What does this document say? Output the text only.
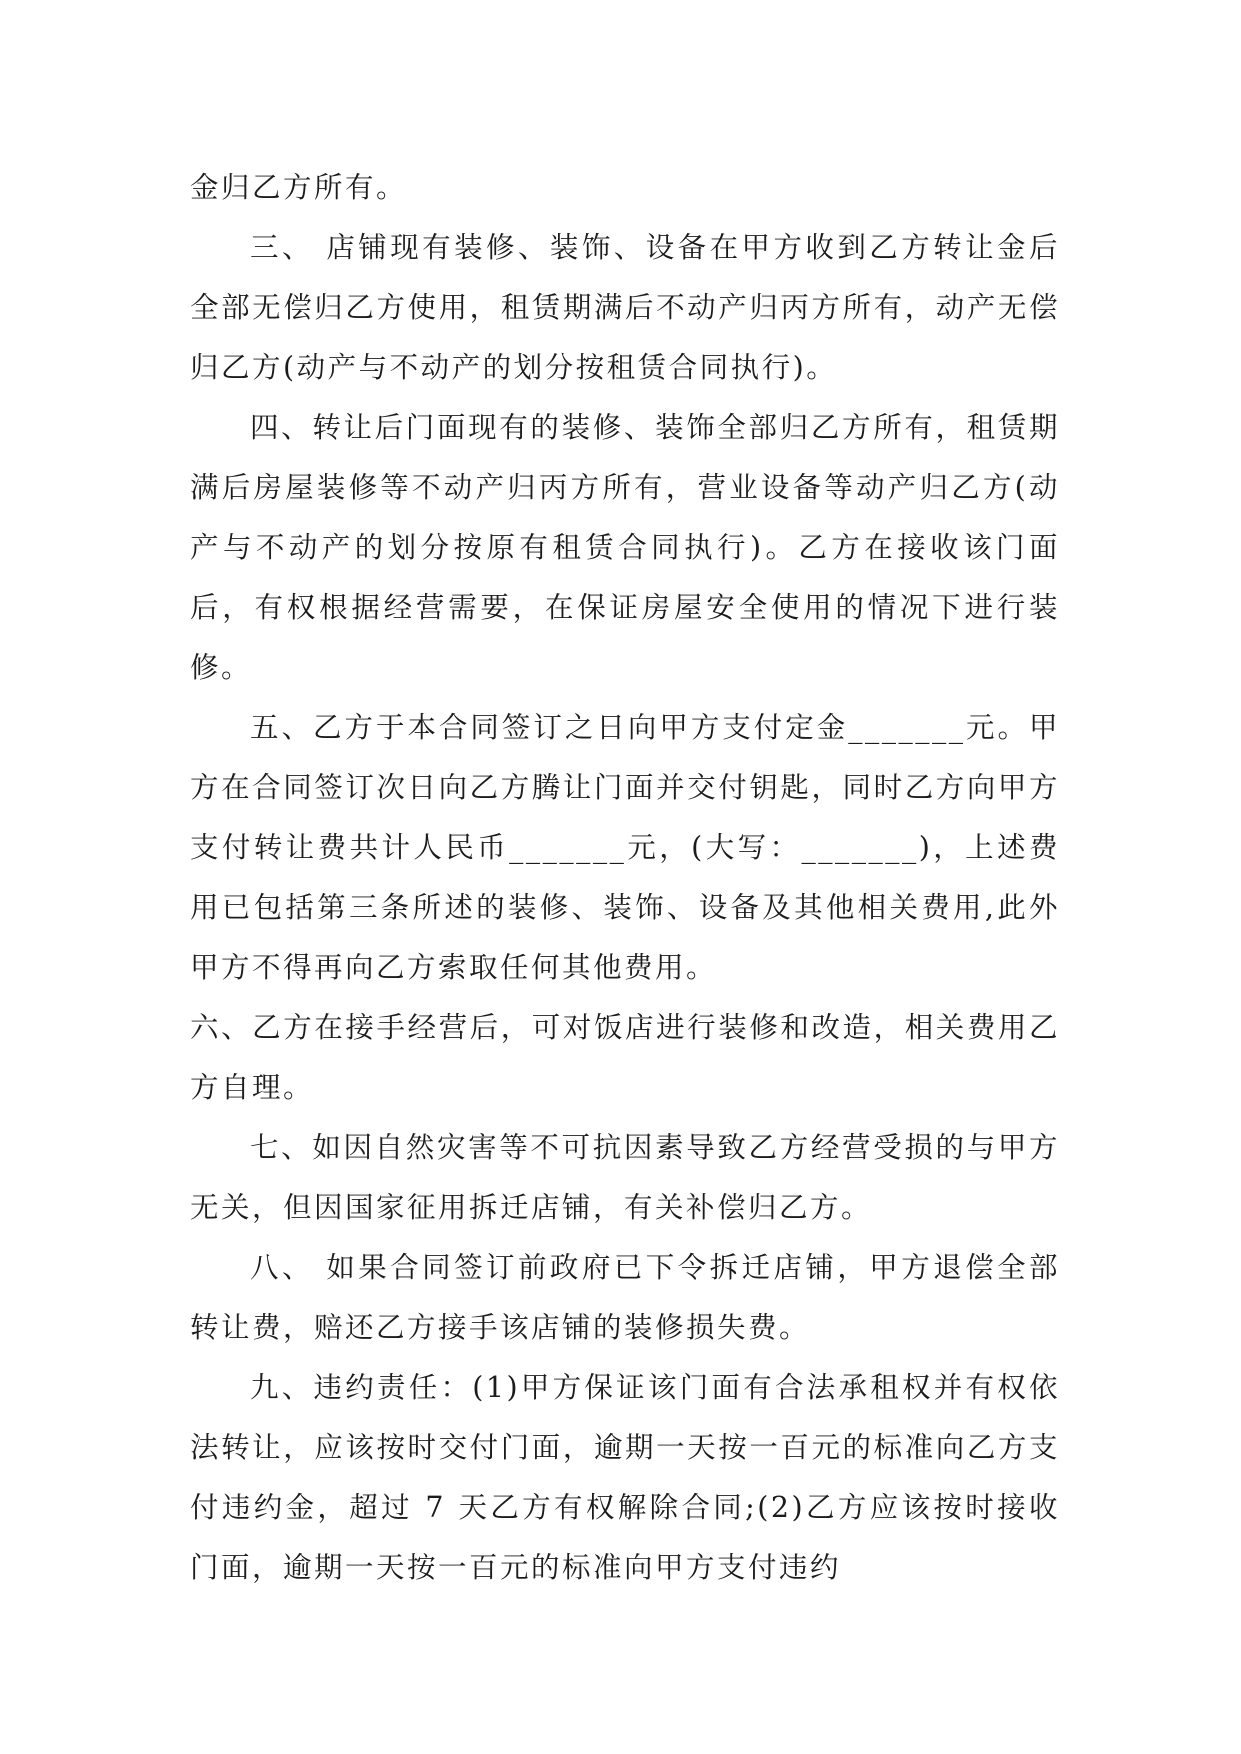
金归乙方所有。

三、 店铺现有装修、装饰、设备在甲方收到乙方转让金后全部无偿归乙方使用，租赁期满后不动产归丙方所有，动产无偿归乙方(动产与不动产的划分按租赁合同执行)。

四、转让后门面现有的装修、装饰全部归乙方所有，租赁期满后房屋装修等不动产归丙方所有，营业设备等动产归乙方(动产与不动产的划分按原有租赁合同执行)。乙方在接收该门面后，有权根据经营需要，在保证房屋安全使用的情况下进行装修。

五、乙方于本合同签订之日向甲方支付定金_______元。甲方在合同签订次日向乙方腾让门面并交付钥匙，同时乙方向甲方支付转让费共计人民币_______元，(大写：_______)，上述费用已包括第三条所述的装修、装饰、设备及其他相关费用,此外甲方不得再向乙方索取任何其他费用。

六、乙方在接手经营后，可对饭店进行装修和改造，相关费用乙方自理。

七、如因自然灾害等不可抗因素导致乙方经营受损的与甲方无关，但因国家征用拆迁店铺，有关补偿归乙方。

八、 如果合同签订前政府已下令拆迁店铺，甲方退偿全部转让费，赔还乙方接手该店铺的装修损失费。

九、违约责任：(1)甲方保证该门面有合法承租权并有权依法转让，应该按时交付门面，逾期一天按一百元的标准向乙方支付违约金，超过 7 天乙方有权解除合同;(2)乙方应该按时接收门面，逾期一天按一百元的标准向甲方支付违约
